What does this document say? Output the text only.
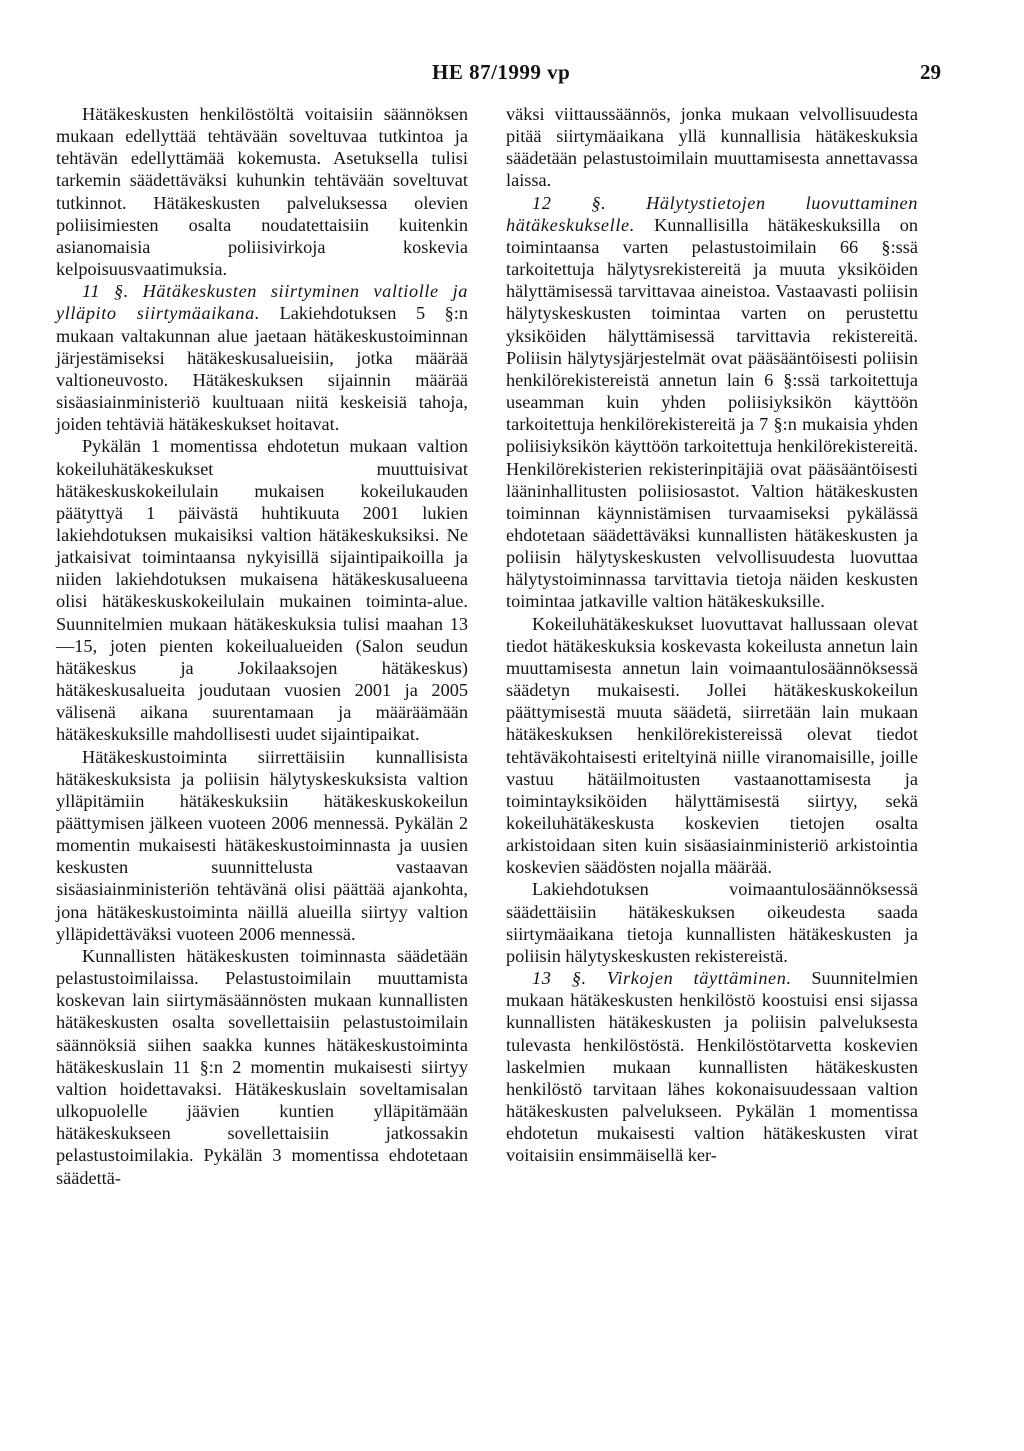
HE 87/1999 vp	29

Hätäkeskusten henkilöstöltä voitaisiin säännöksen mukaan edellyttää tehtävään soveltuvaa tutkintoa ja tehtävän edellyttämää kokemusta. Asetuksella tulisi tarkemin säädettäväksi kuhunkin tehtävään soveltuvat tutkinnot. Hätäkeskusten palveluksessa olevien poliisimiesten osalta noudatettaisiin kuitenkin asianomaisia poliisivirkoja koskevia kelpoisuusvaatimuksia.

11 §. Hätäkeskusten siirtyminen valtiolle ja ylläpito siirtymäaikana. Lakiehdotuksen 5 §:n mukaan valtakunnan alue jaetaan hätäkeskustoiminnan järjestämiseksi hätäkeskusalueisiin, jotka määrää valtioneuvosto. Hätäkeskuksen sijainnin määrää sisäasiainministeriö kuultuaan niitä keskeisiä tahoja, joiden tehtäviä hätäkeskukset hoitavat.

Pykälän 1 momentissa ehdotetun mukaan valtion kokeiluhätäkeskukset muuttuisivat hätäkeskuskokeilulain mukaisen kokeilukauden päätyttyä 1 päivästä huhtikuuta 2001 lukien lakiehdotuksen mukaisiksi valtion hätäkeskuksiksi. Ne jatkaisivat toimintaansa nykyisillä sijaintipaikoilla ja niiden lakiehdotuksen mukaisena hätäkeskusalueena olisi hätäkeskuskokeilulain mukainen toiminta-alue. Suunnitelmien mukaan hätäkeskuksia tulisi maahan 13—15, joten pienten kokeilualueiden (Salon seudun hätäkeskus ja Jokilaaksojen hätäkeskus) hätäkeskusalueita joudutaan vuosien 2001 ja 2005 välisenä aikana suurentamaan ja määräämään hätäkeskuksille mahdollisesti uudet sijaintipaikat.

Hätäkeskustoiminta siirrettäisiin kunnallisista hätäkeskuksista ja poliisin hälytyskeskuksista valtion ylläpitämiin hätäkeskuksiin hätäkeskuskokeilun päättymisen jälkeen vuoteen 2006 mennessä. Pykälän 2 momentin mukaisesti hätäkeskustoiminnasta ja uusien keskusten suunnittelusta vastaavan sisäasiainministeriön tehtävänä olisi päättää ajankohta, jona hätäkeskustoiminta näillä alueilla siirtyy valtion ylläpidettäväksi vuoteen 2006 mennessä.

Kunnallisten hätäkeskusten toiminnasta säädetään pelastustoimilaissa. Pelastustoimilain muuttamista koskevan lain siirtymäsäännösten mukaan kunnallisten hätäkeskusten osalta sovellettaisiin pelastustoimilain säännöksiä siihen saakka kunnes hätäkeskustoiminta hätäkeskuslain 11 §:n 2 momentin mukaisesti siirtyy valtion hoidettavaksi. Hätäkeskuslain soveltamisalan ulkopuolelle jäävien kuntien ylläpitämään hätäkeskukseen sovellettaisiin jatkossakin pelastustoimilakia. Pykälän 3 momentissa ehdotetaan säädettä-

väksi viittaussäännös, jonka mukaan velvollisuudesta pitää siirtymäaikana yllä kunnallisia hätäkeskuksia säädetään pelastustoimilain muuttamisesta annettavassa laissa.

12 §. Hälytystietojen luovuttaminen hätäkeskukselle. Kunnallisilla hätäkeskuksilla on toimintaansa varten pelastustoimilain 66 §:ssä tarkoitettuja hälytysrekistereitä ja muuta yksiköiden hälyttämisessä tarvittavaa aineistoa. Vastaavasti poliisin hälytyskeskusten toimintaa varten on perustettu yksiköiden hälyttämisessä tarvittavia rekistereitä. Poliisin hälytysjärjestelmät ovat pääsääntöisesti poliisin henkilörekistereistä annetun lain 6 §:ssä tarkoitettuja useamman kuin yhden poliisiyksikön käyttöön tarkoitettuja henkilörekistereitä ja 7 §:n mukaisia yhden poliisiyksikön käyttöön tarkoitettuja henkilörekistereitä. Henkilörekisterien rekisterinpitäjiä ovat pääsääntöisesti lääninhallitusten poliisiosastot. Valtion hätäkeskusten toiminnan käynnistämisen turvaamiseksi pykälässä ehdotetaan säädettäväksi kunnallisten hätäkeskusten ja poliisin hälytyskeskusten velvollisuudesta luovuttaa hälytystoiminnassa tarvittavia tietoja näiden keskusten toimintaa jatkaville valtion hätäkeskuksille.

Kokeiluhätäkeskukset luovuttavat hallussaan olevat tiedot hätäkeskuksia koskevasta kokeilusta annetun lain muuttamisesta annetun lain voimaantulosäännöksessä säädetyn mukaisesti. Jollei hätäkeskuskokeilun päättymisestä muuta säädetä, siirretään lain mukaan hätäkeskuksen henkilörekistereissä olevat tiedot tehtäväkohtaisesti eriteltyinä niille viranomaisille, joille vastuu hätäilmoitusten vastaanottamisesta ja toimintayksiköiden hälyttämisestä siirtyy, sekä kokeiluhätäkeskusta koskevien tietojen osalta arkistoidaan siten kuin sisäasiainministeriö arkistointia koskevien säädösten nojalla määrää.

Lakiehdotuksen voimaantulosäännöksessä säädettäisiin hätäkeskuksen oikeudesta saada siirtymäaikana tietoja kunnallisten hätäkeskusten ja poliisin hälytyskeskusten rekistereistä.

13 §. Virkojen täyttäminen. Suunnitelmien mukaan hätäkeskusten henkilöstö koostuisi ensi sijassa kunnallisten hätäkeskusten ja poliisin palveluksesta tulevasta henkilöstöstä. Henkilöstötarvetta koskevien laskelmien mukaan kunnallisten hätäkeskusten henkilöstö tarvitaan lähes kokonaisuudessaan valtion hätäkeskusten palvelukseen. Pykälän 1 momentissa ehdotetun mukaisesti valtion hätäkeskusten virat voitaisiin ensimmäisellä ker-
